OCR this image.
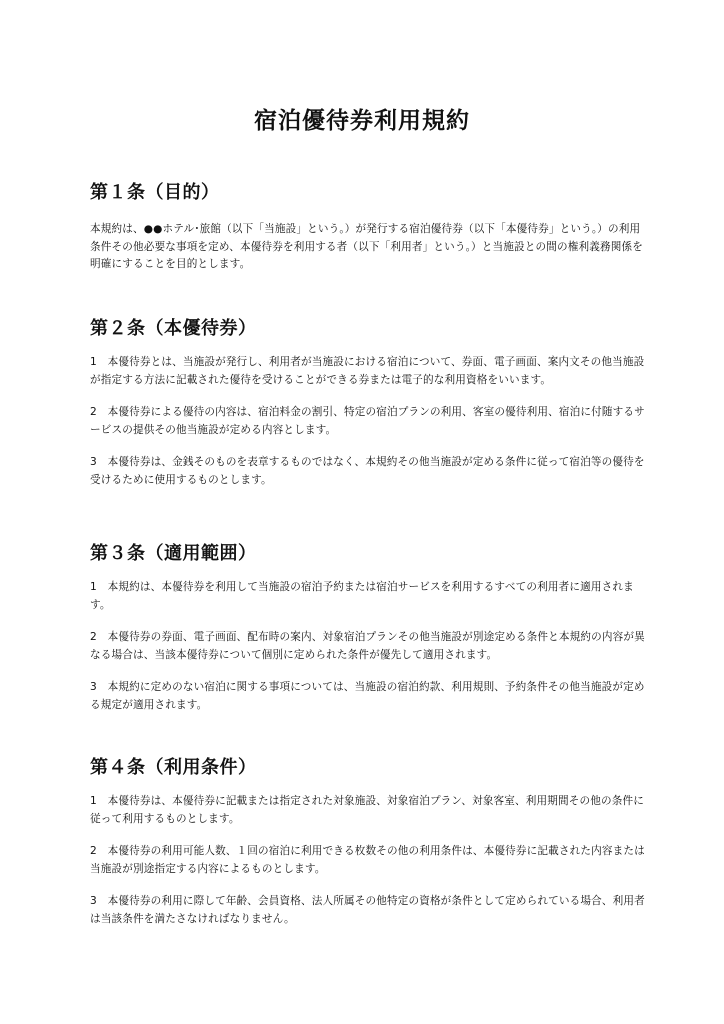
宿泊優待券利用規約
第１条（目的）

本規約は、●●ホテル･旅館（以下「当施設」という。）が発行する宿泊優待券（以下「本優待券」という。）の利用条件その他必要な事項を定め、本優待券を利用する者（以下「利用者」という。）と当施設との間の権利義務関係を明確にすることを目的とします。

第２条（本優待券）

1　本優待券とは、当施設が発行し、利用者が当施設における宿泊について、券面、電子画面、案内文その他当施設が指定する方法に記載された優待を受けることができる券または電子的な利用資格をいいます。

2　本優待券による優待の内容は、宿泊料金の割引、特定の宿泊プランの利用、客室の優待利用、宿泊に付随するサービスの提供その他当施設が定める内容とします。

3　本優待券は、金銭そのものを表章するものではなく、本規約その他当施設が定める条件に従って宿泊等の優待を受けるために使用するものとします。

第３条（適用範囲）

1　本規約は、本優待券を利用して当施設の宿泊予約または宿泊サービスを利用するすべての利用者に適用されます。

2　本優待券の券面、電子画面、配布時の案内、対象宿泊プランその他当施設が別途定める条件と本規約の内容が異なる場合は、当該本優待券について個別に定められた条件が優先して適用されます。

3　本規約に定めのない宿泊に関する事項については、当施設の宿泊約款、利用規則、予約条件その他当施設が定める規定が適用されます。

第４条（利用条件）

1　本優待券は、本優待券に記載または指定された対象施設、対象宿泊プラン、対象客室、利用期間その他の条件に従って利用するものとします。

2　本優待券の利用可能人数、１回の宿泊に利用できる枚数その他の利用条件は、本優待券に記載された内容または当施設が別途指定する内容によるものとします。

3　本優待券の利用に際して年齢、会員資格、法人所属その他特定の資格が条件として定められている場合、利用者は当該条件を満たさなければなりません。
